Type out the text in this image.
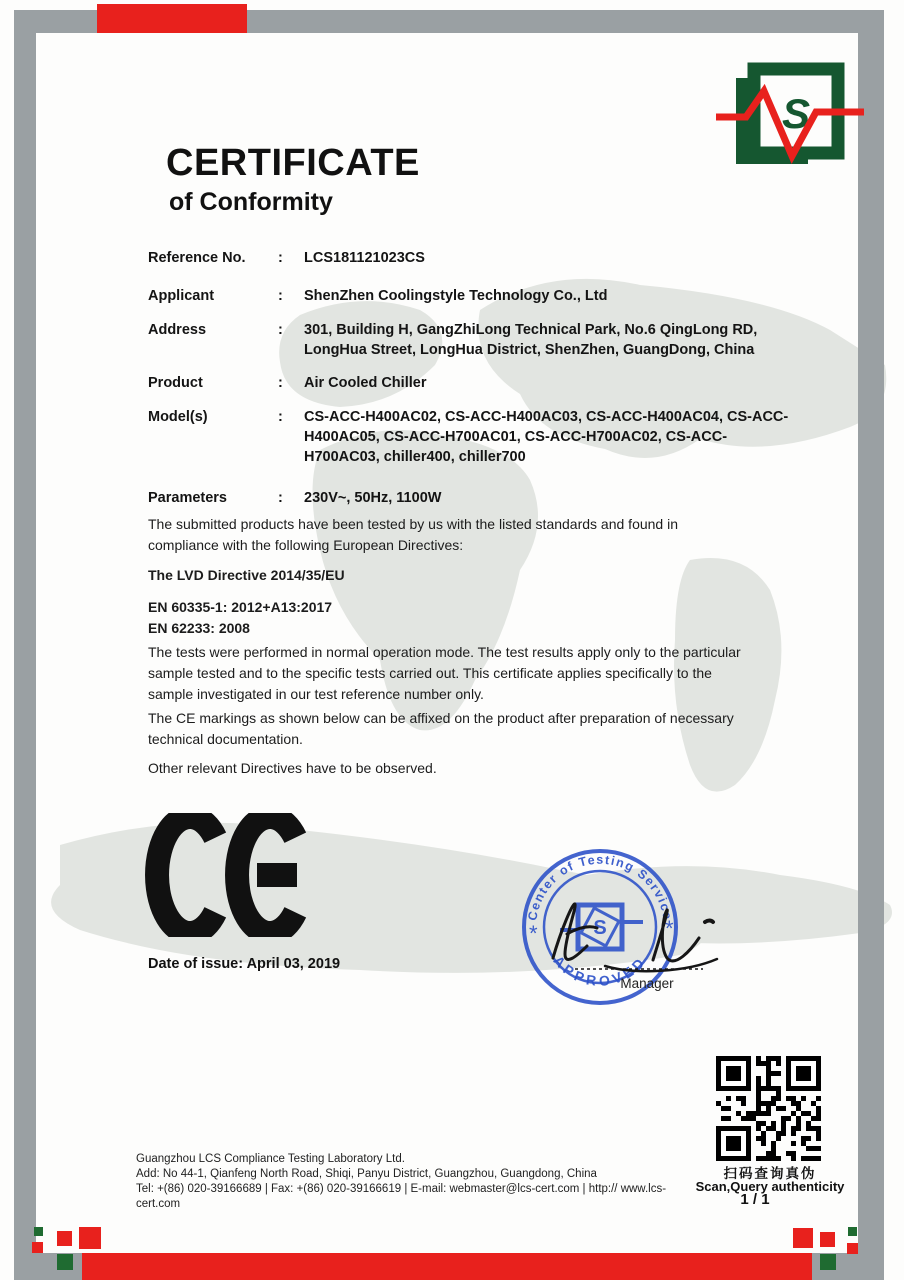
S
CERTIFICATE
of Conformity
Reference No.	:	LCS181121023CS
Applicant	:	ShenZhen Coolingstyle Technology Co., Ltd
Address	:	301, Building H, GangZhiLong Technical Park, No.6 QingLong RD, LongHua Street, LongHua District, ShenZhen, GuangDong, China
Product	:	Air Cooled Chiller
Model(s)	:	CS-ACC-H400AC02, CS-ACC-H400AC03, CS-ACC-H400AC04, CS-ACC-H400AC05, CS-ACC-H700AC01, CS-ACC-H700AC02, CS-ACC-H700AC03, chiller400, chiller700
Parameters	:	230V~, 50Hz, 1100W
The submitted products have been tested by us with the listed standards and found in compliance with the following European Directives:
The LVD Directive 2014/35/EU
EN 60335-1: 2012+A13:2017
EN 62233: 2008
The tests were performed in normal operation mode. The test results apply only to the particular sample tested and to the specific tests carried out. This certificate applies specifically to the sample investigated in our test reference number only.
The CE markings as shown below can be affixed on the product after preparation of necessary technical documentation.
Other relevant Directives have to be observed.
Date of issue: April 03, 2019
Center of Testing Service
APPROVED
*	*
S
Manager
扫码查询真伪
Scan,Query authenticity
1 / 1
Guangzhou LCS Compliance Testing Laboratory Ltd.
Add: No 44-1, Qianfeng North Road, Shiqi, Panyu District, Guangzhou, Guangdong, China
Tel: +(86) 020-39166689 | Fax: +(86) 020-39166619 | E-mail: webmaster@lcs-cert.com | http:// www.lcs-cert.com
